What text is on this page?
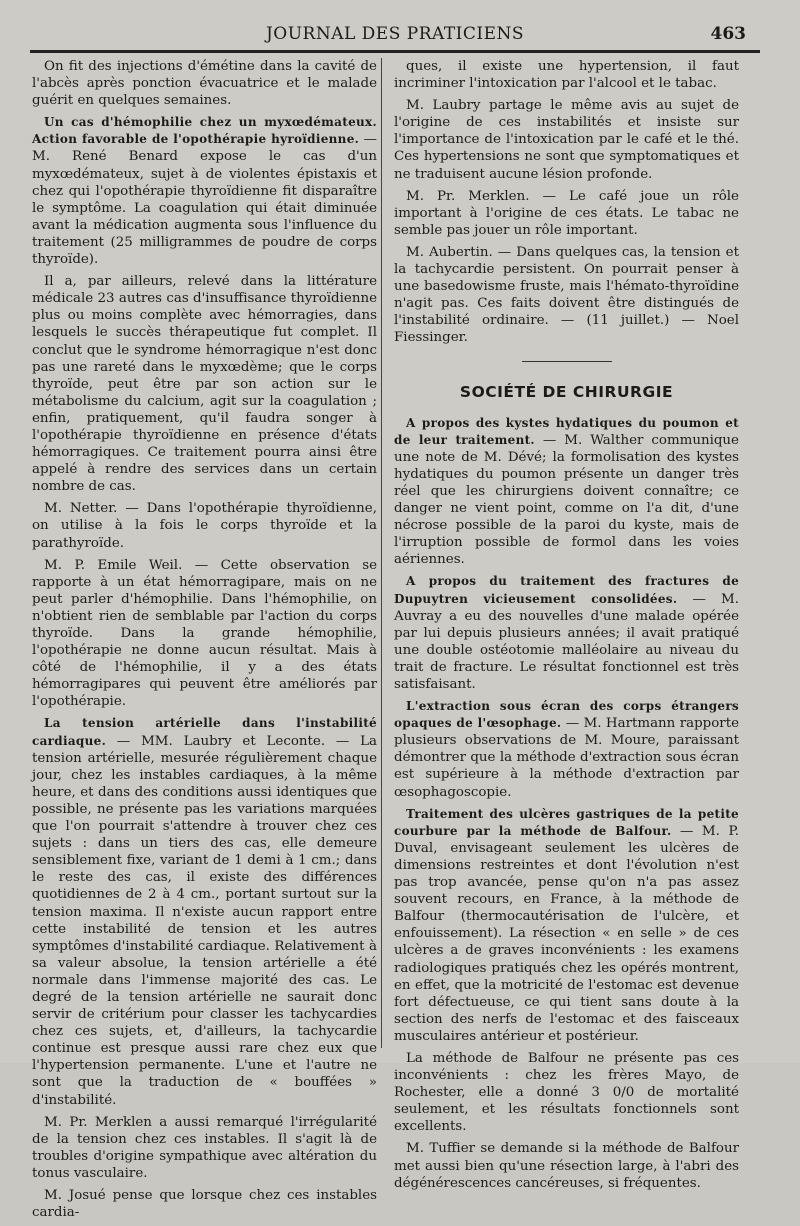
JOURNAL DES PRATICIENS	463

On fit des injections d'émétine dans la cavité de l'abcès après ponction évacuatrice et le malade guérit en quelques semaines.

Un cas d'hémophilie chez un myxœdémateux. Action favorable de l'opothérapie hyroïdienne. — M. René Benard expose le cas d'un myxœdémateux, sujet à de violentes épistaxis et chez qui l'opothérapie thyroïdienne fit disparaître le symptôme. La coagulation qui était diminuée avant la médication augmenta sous l'influence du traitement (25 milligrammes de poudre de corps thyroïde).

Il a, par ailleurs, relevé dans la littérature médicale 23 autres cas d'insuffisance thyroïdienne plus ou moins complète avec hémorragies, dans lesquels le succès thérapeutique fut complet. Il conclut que le syndrome hémorragique n'est donc pas une rareté dans le myxœdème; que le corps thyroïde, peut être par son action sur le métabolisme du calcium, agit sur la coagulation ; enfin, pratiquement, qu'il faudra songer à l'opothérapie thyroïdienne en présence d'états hémorragiques. Ce traitement pourra ainsi être appelé à rendre des services dans un certain nombre de cas.

M. Netter. — Dans l'opothérapie thyroïdienne, on utilise à la fois le corps thyroïde et la parathyroïde.

M. P. Emile Weil. — Cette observation se rapporte à un état hémorragipare, mais on ne peut parler d'hémophilie. Dans l'hémophilie, on n'obtient rien de semblable par l'action du corps thyroïde. Dans la grande hémophilie, l'opothérapie ne donne aucun résultat. Mais à côté de l'hémophilie, il y a des états hémorragipares qui peuvent être améliorés par l'opothérapie.

La tension artérielle dans l'instabilité cardiaque. — MM. Laubry et Leconte. — La tension artérielle, mesurée régulièrement chaque jour, chez les instables cardiaques, à la même heure, et dans des conditions aussi identiques que possible, ne présente pas les variations marquées que l'on pourrait s'attendre à trouver chez ces sujets : dans un tiers des cas, elle demeure sensiblement fixe, variant de 1 demi à 1 cm.; dans le reste des cas, il existe des différences quotidiennes de 2 à 4 cm., portant surtout sur la tension maxima. Il n'existe aucun rapport entre cette instabilité de tension et les autres symptômes d'instabilité cardiaque. Relativement à sa valeur absolue, la tension artérielle a été normale dans l'immense majorité des cas. Le degré de la tension artérielle ne saurait donc servir de critérium pour classer les tachycardies chez ces sujets, et, d'ailleurs, la tachycardie continue est presque aussi rare chez eux que l'hypertension permanente. L'une et l'autre ne sont que la traduction de « bouffées » d'instabilité.

M. Pr. Merklen a aussi remarqué l'irrégularité de la tension chez ces instables. Il s'agit là de troubles d'origine sympathique avec altération du tonus vasculaire.

M. Josué pense que lorsque chez ces instables cardia-

ques, il existe une hypertension, il faut incriminer l'intoxication par l'alcool et le tabac.

M. Laubry partage le même avis au sujet de l'origine de ces instabilités et insiste sur l'importance de l'intoxication par le café et le thé. Ces hypertensions ne sont que symptomatiques et ne traduisent aucune lésion profonde.

M. Pr. Merklen. — Le café joue un rôle important à l'origine de ces états. Le tabac ne semble pas jouer un rôle important.

M. Aubertin. — Dans quelques cas, la tension et la tachycardie persistent. On pourrait penser à une basedowisme fruste, mais l'hémato-thyroïdine n'agit pas. Ces faits doivent être distingués de l'instabilité ordinaire. — (11 juillet.) — Noel Fiessinger.

SOCIÉTÉ DE CHIRURGIE

A propos des kystes hydatiques du poumon et de leur traitement. — M. Walther communique une note de M. Dévé; la formolisation des kystes hydatiques du poumon présente un danger très réel que les chirurgiens doivent connaître; ce danger ne vient point, comme on l'a dit, d'une nécrose possible de la paroi du kyste, mais de l'irruption possible de formol dans les voies aériennes.

A propos du traitement des fractures de Dupuytren vicieusement consolidées. — M. Auvray a eu des nouvelles d'une malade opérée par lui depuis plusieurs années; il avait pratiqué une double ostéotomie malléolaire au niveau du trait de fracture. Le résultat fonctionnel est très satisfaisant.

L'extraction sous écran des corps étrangers opaques de l'œsophage. — M. Hartmann rapporte plusieurs observations de M. Moure, paraissant démontrer que la méthode d'extraction sous écran est supérieure à la méthode d'extraction par œsophagoscopie.

Traitement des ulcères gastriques de la petite courbure par la méthode de Balfour. — M. P. Duval, envisageant seulement les ulcères de dimensions restreintes et dont l'évolution n'est pas trop avancée, pense qu'on n'a pas assez souvent recours, en France, à la méthode de Balfour (thermocautérisation de l'ulcère, et enfouissement). La résection « en selle » de ces ulcères a de graves inconvénients : les examens radiologiques pratiqués chez les opérés montrent, en effet, que la motricité de l'estomac est devenue fort défectueuse, ce qui tient sans doute à la section des nerfs de l'estomac et des faisceaux musculaires antérieur et postérieur.

La méthode de Balfour ne présente pas ces inconvénients : chez les frères Mayo, de Rochester, elle a donné 3 0/0 de mortalité seulement, et les résultats fonctionnels sont excellents.

M. Tuffier se demande si la méthode de Balfour met aussi bien qu'une résection large, à l'abri des dégénérescences cancéreuses, si fréquentes.
